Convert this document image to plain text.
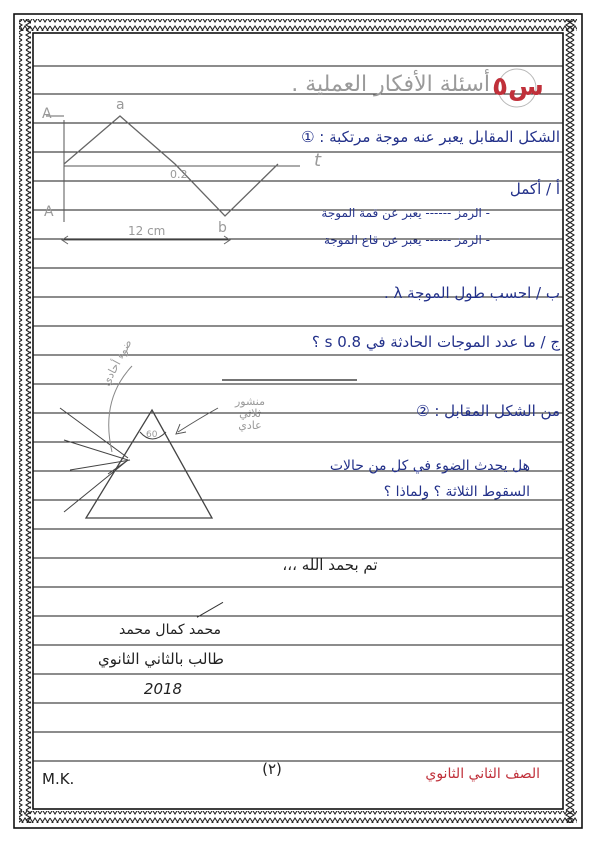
س٥
أسئلة الأفكار العملية .
A
A
a
b
t
0.2
12 cm
الشكل المقابل يعبر عنه موجة مرتكبة : ①
أ / أكمل
- الرمز ------ يعبر عن قمة الموجة
- الرمز ------ يعبر عن قاع الموجة
ب / احسب طول الموجة λ .
ج / ما عدد الموجات الحادثة في 0.8 s ؟
60
منشور
ثلاثي
عادي
ضوء أحادي
من الشكل المقابل : ②
هل يحدث الضوء في كل من حالات
السقوط الثلاثة ؟ ولماذا ؟
تم بحمد الله ،،،
محمد كمال محمد
طالب بالثاني الثانوي
2018
M.K.
(٢)	الصف الثاني الثانوي
